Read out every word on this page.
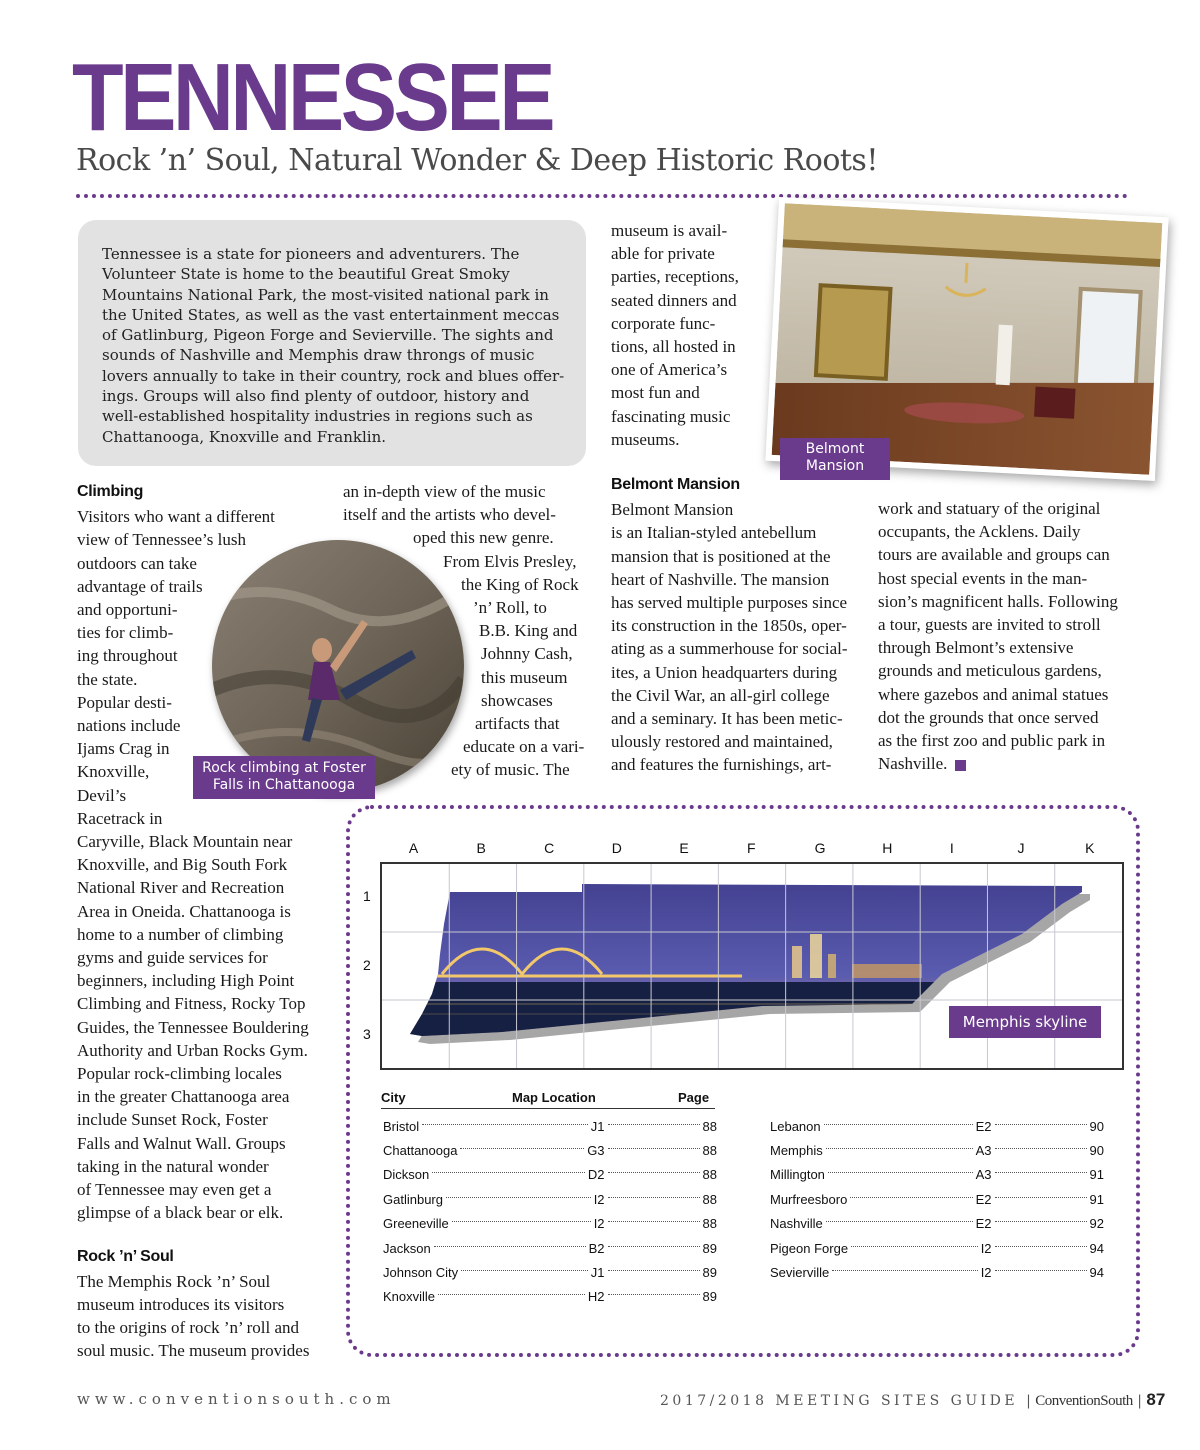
TENNESSEE
Rock ’n’ Soul, Natural Wonder & Deep Historic Roots!

Tennessee is a state for pioneers and adventurers. The Volunteer State is home to the beautiful Great Smoky Mountains National Park, the most-visited national park in the United States, as well as the vast entertainment meccas of Gatlinburg, Pigeon Forge and Sevierville. The sights and sounds of Nashville and Memphis draw throngs of music lovers annually to take in their country, rock and blues offer-ings. Groups will also find plenty of outdoor, history and well-established hospitality industries in regions such as Chattanooga, Knoxville and Franklin.

Climbing
Visitors who want a different
view of Tennessee’s lush
outdoors can take
advantage of trails
and opportuni-
ties for climb-
ing throughout
the state.
Popular desti-
nations include
Ijams Crag in
Knoxville,
Devil’s
Racetrack in
Caryville, Black Mountain near
Knoxville, and Big South Fork
National River and Recreation
Area in Oneida. Chattanooga is
home to a number of climbing
gyms and guide services for
beginners, including High Point
Climbing and Fitness, Rocky Top
Guides, the Tennessee Bouldering
Authority and Urban Rocks Gym.
Popular rock-climbing locales
in the greater Chattanooga area
include Sunset Rock, Foster
Falls and Walnut Wall. Groups
taking in the natural wonder
of Tennessee may even get a
glimpse of a black bear or elk.
Rock ’n’ Soul
The Memphis Rock ’n’ Soul
museum introduces its visitors
to the origins of rock ’n’ roll and
soul music. The museum provides
Rock climbing at Foster Falls in Chattanooga
an in-depth view of the music
itself and the artists who devel-
oped this new genre.
From Elvis Presley,
the King of Rock
’n’ Roll, to
B.B. King and
Johnny Cash,
this museum
showcases
artifacts that
educate on a vari-
ety of music. The
museum is avail-
able for private
parties, receptions,
seated dinners and
corporate func-
tions, all hosted in
one of America’s
most fun and
fascinating music
museums.
Belmont Mansion
Belmont Mansion
Belmont Mansion
is an Italian-styled antebellum
mansion that is positioned at the
heart of Nashville. The mansion
has served multiple purposes since
its construction in the 1850s, oper-
ating as a summerhouse for social-
ites, a Union headquarters during
the Civil War, an all-girl college
and a seminary. It has been metic-
ulously restored and maintained,
and features the furnishings, art-
work and statuary of the original
occupants, the Acklens. Daily
tours are available and groups can
host special events in the man-
sion’s magnificent halls. Following
a tour, guests are invited to stroll
through Belmont’s extensive
grounds and meticulous gardens,
where gazebos and animal statues
dot the grounds that once served
as the first zoo and public park in
Nashville.
A	B	C	D	E	F	G	H	I	J	K
1
2
3
Memphis skyline
City	Map Location	Page
Bristol	J1	88
Chattanooga	G3	88
Dickson	D2	88
Gatlinburg	I2	88
Greeneville	I2	88
Jackson	B2	89
Johnson City	J1	89
Knoxville	H2	89
Lebanon	E2	90
Memphis	A3	90
Millington	A3	91
Murfreesboro	E2	91
Nashville	E2	92
Pigeon Forge	I2	94
Sevierville	I2	94
www.conventionsouth.com	2017/2018 MEETING SITES GUIDE | ConventionSouth | 87
